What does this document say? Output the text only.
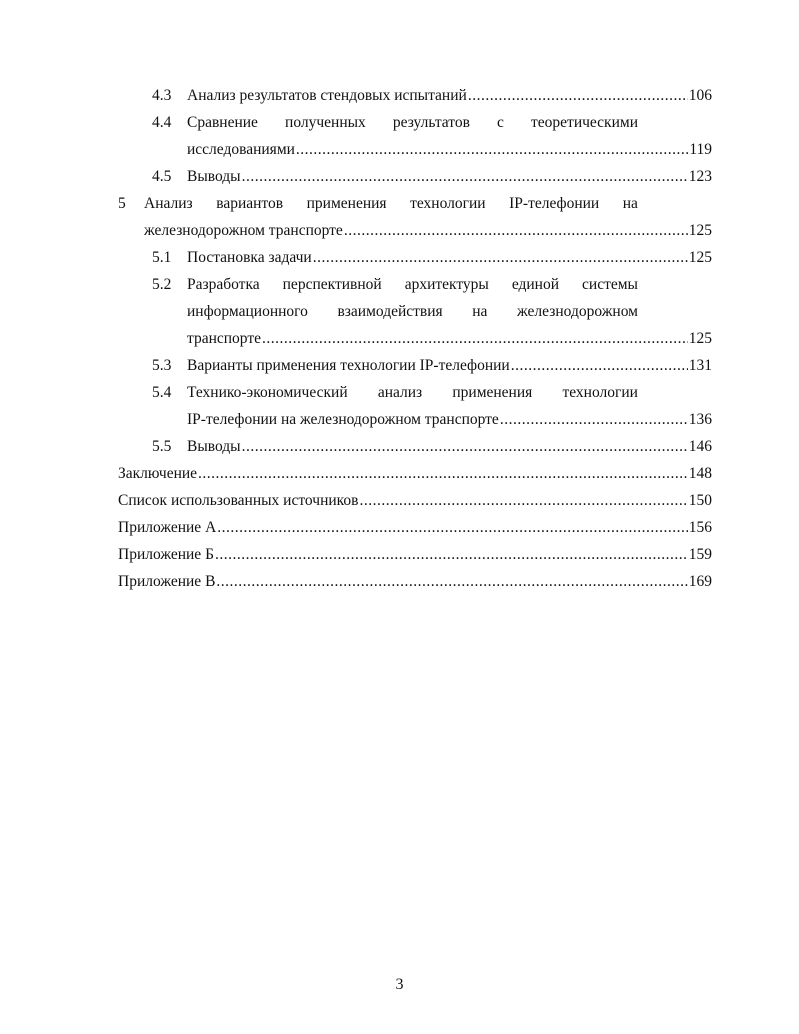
4.3 Анализ результатов стендовых испытаний .....	106
4.4 Сравнение полученных результатов с теоретическими
исследованиями .....	119
4.5 Выводы .....	123
5 Анализ вариантов применения технологии IP-телефонии на
железнодорожном транспорте .....	125
5.1 Постановка задачи .....	125
5.2 Разработка перспективной архитектуры единой системы
информационного взаимодействия на железнодорожном
транспорте .....	125
5.3 Варианты применения технологии IP-телефонии .....	131
5.4 Технико-экономический анализ применения технологии
IP-телефонии на железнодорожном транспорте .....	136
5.5 Выводы .....	146
Заключение .....	148
Список использованных источников .....	150
Приложение А .....	156
Приложение Б .....	159
Приложение В .....	169
3
